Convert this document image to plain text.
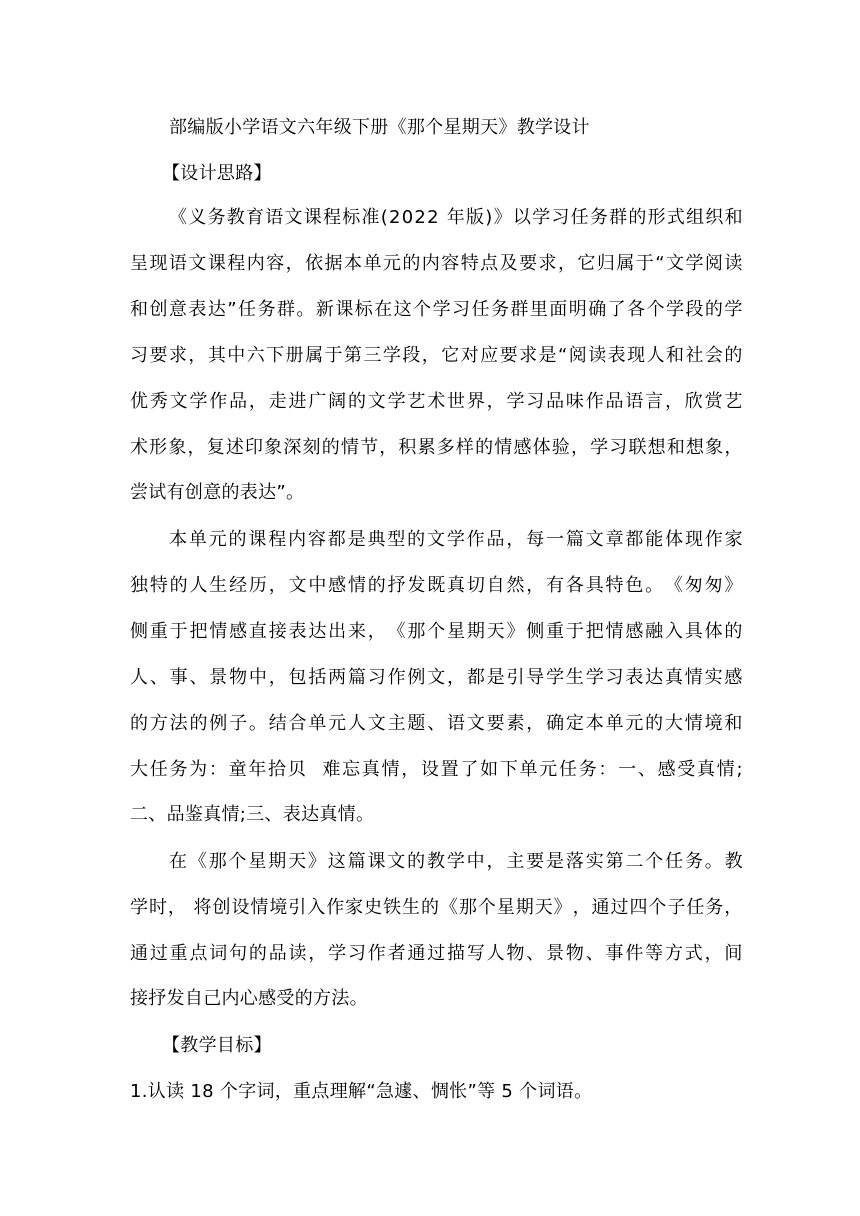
部编版小学语文六年级下册《那个星期天》教学设计
【设计思路】
《 义 务 教 育 语 文 课 程 标 准 ( 2 0 2 2
年 版 ) 》 以 学 习 任 务 群 的 形 式 组 织 和
呈 现 语 文 课 程 内 容 ， 依 据 本 单 元 的 内 容 特 点 及 要 求 ， 它 归 属 于 “ 文 学 阅 读
和 创 意 表 达 ” 任 务 群 。 新 课 标 在 这 个 学 习 任 务 群 里 面 明 确 了 各 个 学 段 的 学
习 要 求 ， 其 中 六 下 册 属 于 第 三 学 段 ， 它 对 应 要 求 是 “ 阅 读 表 现 人 和 社 会 的
优 秀 文 学 作 品 ， 走 进 广 阔 的 文 学 艺 术 世 界 ， 学 习 品 味 作 品 语 言 ， 欣 赏 艺
术 形 象 ， 复 述 印 象 深 刻 的 情 节 ， 积 累 多 样 的 情 感 体 验 ， 学 习 联 想 和 想 象 ，
尝试有创意的表达”。
本 单 元 的 课 程 内 容 都 是 典 型 的 文 学 作 品 ， 每 一 篇 文 章 都 能 体 现 作 家
独 特 的 人 生 经 历 ， 文 中 感 情 的 抒 发 既 真 切 自 然 ， 有 各 具 特 色 。 《 匆 匆 》
侧 重 于 把 情 感 直 接 表 达 出 来 ， 《 那 个 星 期 天 》 侧 重 于 把 情 感 融 入 具 体 的
人 、 事 、 景 物 中 ， 包 括 两 篇 习 作 例 文 ， 都 是 引 导 学 生 学 习 表 达 真 情 实 感
的 方 法 的 例 子 。 结 合 单 元 人 文 主 题 、 语 文 要 素 ， 确 定 本 单 元 的 大 情 境 和
大 任 务 为 ： 童 年 拾 贝

难 忘 真 情 ， 设 置 了 如 下 单 元 任 务 ： 一 、 感 受 真 情 ;
二、品鉴真情;三、表达真情。
在 《 那 个 星 期 天 》 这 篇 课 文 的 教 学 中 ， 主 要 是 落 实 第 二 个 任 务 。 教
学 时 ，
将 创 设 情 境 引 入 作 家 史 铁 生 的 《 那 个 星 期 天 》 ， 通 过 四 个 子 任 务 ，
通 过 重 点 词 句 的 品 读 ， 学 习 作 者 通 过 描 写 人 物 、 景 物 、 事 件 等 方 式 ， 间
接抒发自己内心感受的方法。
【教学目标】
1.认读 18 个字词，重点理解“急遽、惆怅”等 5 个词语。
